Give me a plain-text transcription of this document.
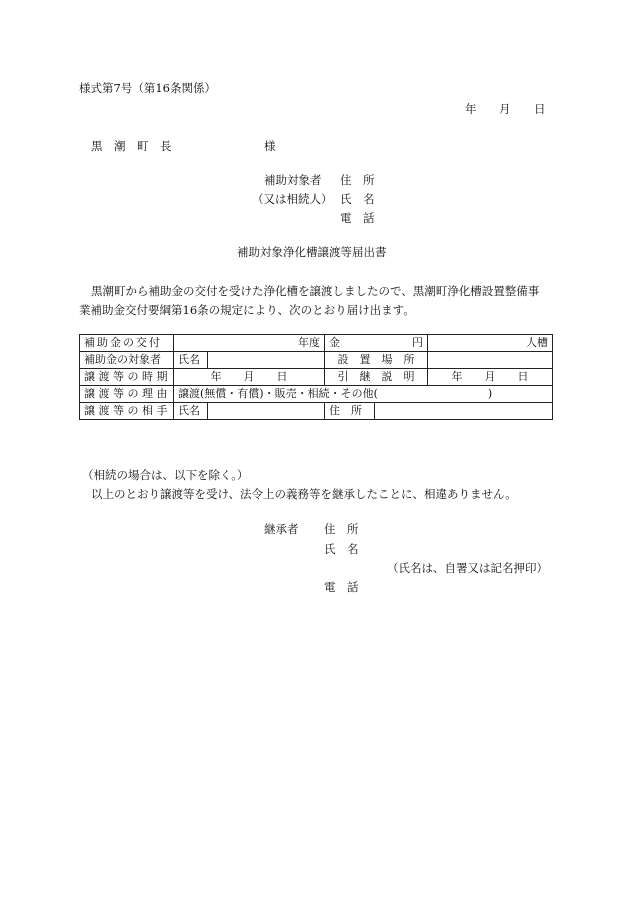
様式第7号（第16条関係）
年 月 日
黒　潮　町　長	様
補助対象者 住　所
（又は相続人） 氏　名
電　話
補助対象浄化槽譲渡等届出書
黒潮町から補助金の交付を受けた浄化槽を譲渡しましたので、黒潮町浄化槽設置整備事
業補助金交付要綱第16条の規定により、次のとおり届け出ます。
補助金の交付	年度		金 円		人槽
補助金の対象者	氏名		設　置　場　所		
譲 渡 等 の 時 期	年　　月　　日		引　継　説　明		年　　月　　日
譲 渡 等 の 理 由	譲渡(無償・有償)・販売・相続・その他(　　　　　　　　　　)				
譲 渡 等 の 相 手	氏名		住　所		
（相続の場合は、以下を除く。）
以上のとおり譲渡等を受け、法令上の義務等を継承したことに、相違ありません。
継承者 住　所
氏　名
（氏名は、自署又は記名押印）
電　話
